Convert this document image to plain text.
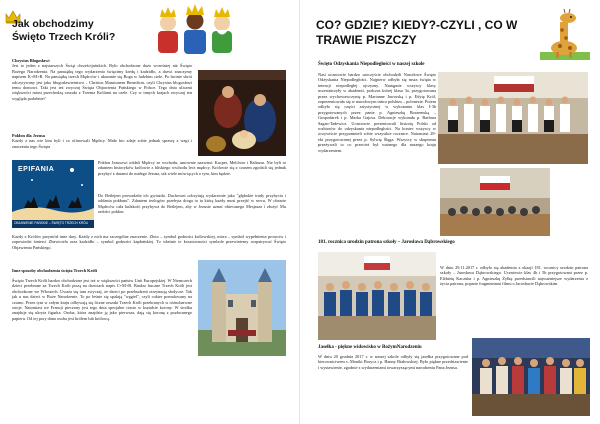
Jak obchodzimy Święto Trzech Króli?
Chrystus Błogosławi
Jest to jeden z najstarszych Świąt chrześcijańskich. Było obchodzone dużo wcześniej niż Święto Bożego Narodzenia. Na pamiątkę tego wydarzenia święcimy kredę i kadzidło, a drzwi znaczymy napisem K+M+B. Na pamiątkę trzech Mędrców i ukazanie się Boga w ludzkim ciele. Po łacinie skrót odczytywany jest jako błogosławieństwo – Christus Mansionem Benedicat, czyli Chrystus błogosławi temu domowi. Taki jest też zwyczaj Święta Objawienia Pańskiego w Polsce. Tego dnia ulicami większości miast przechodzą orszaki z Trzema Królami na czele. Czy w innych krajach zwyczaj ten wygląda podobnie?
Pokłon dla Jezusa
Każdy z nas wie kim byli i co ofiarowali Mędrcy. Mało kto zdaje sobie jednak sprawę z wagi i znaczenia tego Święta
EPIFANIA
OBJAWIENIE PAŃSKIE – ŚWIĘTO TRZECH KRÓLI
Pokłon Jezusowi oddali Mędrcy ze wschodu, umownie nazwani: Kacper, Melchior i Baltazar. Nie byli to zdaniem historyków królowie z bliskiego wschodu lecz mędrcy. Królowie się z czasem zgodzili się jednak przybyć z darami do małego Jezusa, tak wiele mówiących o tym, kim będzie.
Do Betlejem prowadziła ich gwiazda. Duchowni odczytują wydarzenie jako "głębokie trudy przybycia i oddania pokłonu". Zdaniem teologów przebyta droga to ta którą każdy musi przejść w sercu. W obrazie Mędrców cała ludzkość przybywa do Betlejem, aby w Jezusie uznać obiecanego Mesjasza i złożyć Mu radości pokłon.
Każdy z Królów przyniósł inne dary. Każdy z nich ma szczególne znaczenie. Złoto – symbol godności królewskiej, mirra – symbol wypełnienia proroctw i zapowiedzi śmierci Zbawiciela oraz kadzidło – symbol godności kapłańskiej. To właśnie te kosztowności symbole przewiniemy rozpatrywać Święto Objawienia Pańskiego.
Inne sposoby obchodzenia święta Trzech Króli
Święto Trzech Króli bardzo obchodzone jest też w większości państw Unii Europejskiej. W Niemczech dzieci przebrane za Trzech Króli piszą na drzwiach napis C+M+B. Bardzo huczne Trzech Króli jest obchodzone we Włoszech. Uważa się tam zwyczaj, że dzieci po przebudzeni otrzymują słodycze. Tak jak u nas dzieci w Boże Narodzenie. To po leśnie się spalają "węgiel", czyli cukier pomalowany na czarno. Przez tym w całym kraju odbywają się liczne orszaki Trzech Króli przebranych w różnobarwne stroje. Natomiast we Francji pieczony jest tego dnia specjalne ciasto w kształcie korony. W środku znajduje się ukryta figurka. Osoba, która znajdzie ją jako pierwsza, dają się koronę z pozłacanego papieru. Od tej pory dana osoba jest królem lub królową.
CO? GDZIE? KIEDY?-CZYLI , CO W TRAWIE PISZCZY
Święto Odzyskania Niepodległości w naszej szkole
Nasi uczniowie bardzo uroczyście obchodzili Narodowe Święto Odzyskania Niepodległości. Najpierw odbyła się msza święta w intencji niepodległej ojczyzny. Następnie wszyscy klasy uczestniczyły w akademii, podczas której klasa 3a, przygotowana przez wychowawczynię p. Marianne Jaworską i p. Edytę Król, zaprezentowała się w narodowym tańcu polskim – polonezie. Potem odbyło się części artystycznej w wykonaniu klas I-3b przygotowanych przez panie p. Agnieszkę Borzemską – Gospodarek i p. Marka Gajosa. Dekoracje wykonała p. Barbara Sagan-Tadewicz. Uczniowie prezentowali historię Polski od rozbiorów do odzyskania niepodległości. Na koniec wszyscy w oczywiście przypomnieli sobie wszystkie rocznice. Natomiast 28-ekt przygotowanej przez p. Sylwię Ślęga. Wszyscy w skupieniu przeżywali to co przecież był ważnego dla naszego kraju wydarzeniem.
181. rocznica urodzin patrona szkoły – Jarosława Dąbrowskiego
W dniu 29.11.2017 r. odbyło się akademia z okazji 181. rocznicy urodzin patrona szkoły – Jarosława Dąbrowskiego. Uczniowie klas 4b i 5b przygotowani przez p. Elżbietę Kaczuba i p. Agnieszkę Żyłkę przedstawili najważniejsze wydarzenia z życia patrona, poparte fragmentami filmu o Jarosławie Dąbrowskim.
Jasełka - piękne widowisko w BożymNarodzeniu
W dniu 20 grudnia 2017 r. w naszej szkole odbyły się jasełka przygotowane pod kierownictwem s. Moniki Borycz i p. Hanny Białowskiej. Było piękne przedstawienie i wystawienie, zgodnie z wydarzeniami towarzyszącymi narodzeniu Pana Jezusa.
